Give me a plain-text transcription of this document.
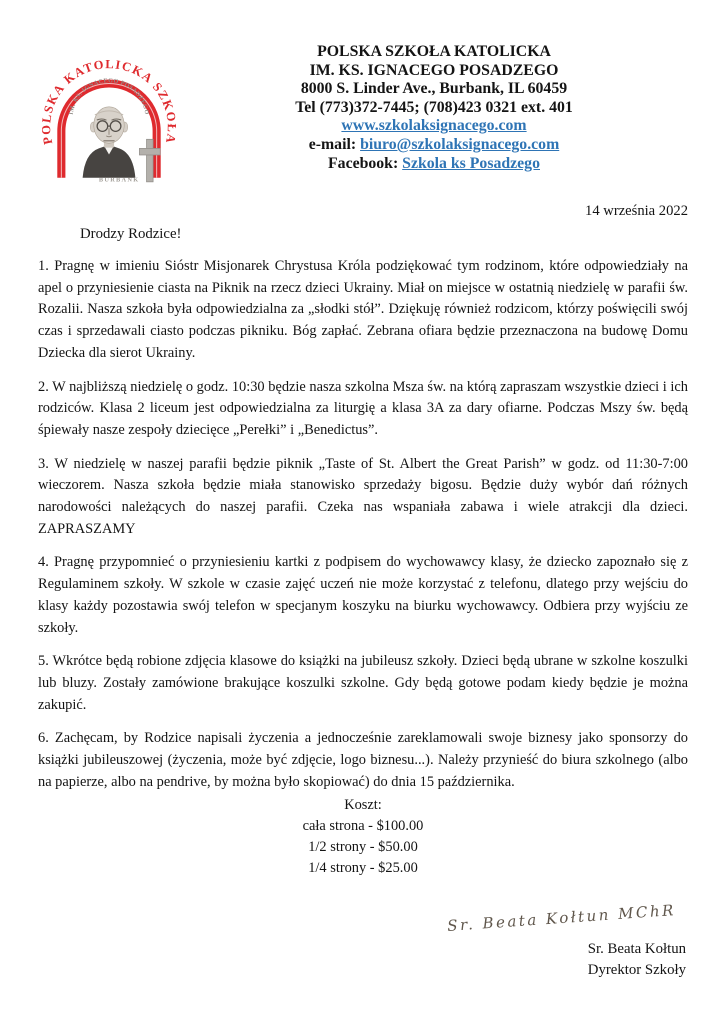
POLSKA KATOLICKA SZKOŁA
IM. KS. IGNACEGO POSADZEGO
BURBANK
POLSKA SZKOŁA KATOLICKA
IM. KS. IGNACEGO POSADZEGO
8000 S. Linder Ave., Burbank, IL 60459
Tel (773)372-7445; (708)423 0321 ext. 401
www.szkolaksignacego.com
e-mail: biuro@szkolaksignacego.com
Facebook: Szkola ks Posadzego
14 września 2022
Drodzy Rodzice!

1. Pragnę w imieniu Sióstr Misjonarek Chrystusa Króla podziękować tym rodzinom, które odpowiedziały na apel o przyniesienie ciasta na Piknik na rzecz dzieci Ukrainy. Miał on miejsce w ostatnią niedzielę w parafii św. Rozalii. Nasza szkoła była odpowiedzialna za „słodki stół”. Dziękuję również rodzicom, którzy poświęcili swój czas i sprzedawali ciasto podczas pikniku. Bóg zapłać. Zebrana ofiara będzie przeznaczona na budowę Domu Dziecka dla sierot Ukrainy.

2. W najbliższą niedzielę o godz. 10:30 będzie nasza szkolna Msza św. na którą zapraszam wszystkie dzieci i ich rodziców. Klasa 2 liceum jest odpowiedzialna za liturgię a klasa 3A za dary ofiarne. Podczas Mszy św. będą śpiewały nasze zespoły dziecięce „Perełki” i „Benedictus”.

3. W niedzielę w naszej parafii będzie piknik „Taste of St. Albert the Great Parish” w godz. od 11:30-7:00 wieczorem. Nasza szkoła będzie miała stanowisko sprzedaży bigosu. Będzie duży wybór dań różnych narodowości należących do naszej parafii. Czeka nas wspaniała zabawa i wiele atrakcji dla dzieci. ZAPRASZAMY

4. Pragnę przypomnieć o przyniesieniu kartki z podpisem do wychowawcy klasy, że dziecko zapoznało się z Regulaminem szkoły. W szkole w czasie zajęć uczeń nie może korzystać z telefonu, dlatego przy wejściu do klasy każdy pozostawia swój telefon w specjanym koszyku na biurku wychowawcy. Odbiera przy wyjściu ze szkoły.

5. Wkrótce będą robione zdjęcia klasowe do książki na jubileusz szkoły. Dzieci będą ubrane w szkolne koszulki lub bluzy. Zostały zamówione brakujące koszulki szkolne. Gdy będą gotowe podam kiedy będzie je można zakupić.

6. Zachęcam, by Rodzice napisali życzenia a jednocześnie zareklamowali swoje biznesy jako sponsorzy do książki jubileuszowej (życzenia, może być zdjęcie, logo biznesu...). Należy przynieść do biura szkolnego (albo na papierze, albo na pendrive, by można było skopiować) do dnia 15 października.

Koszt:
cała strona - $100.00
1/2 strony - $50.00
1/4 strony - $25.00
Sr. Beata Kołtun MChR
Sr. Beata Kołtun
Dyrektor Szkoły
